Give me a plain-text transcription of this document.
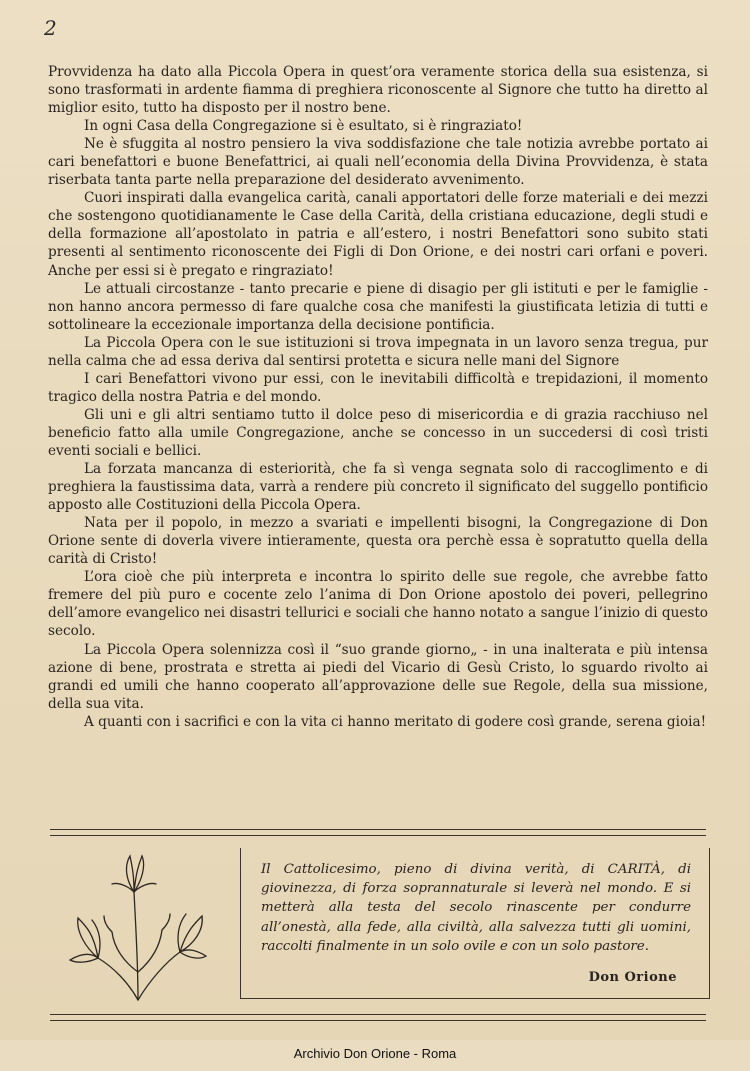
2

Provvidenza ha dato alla Piccola Opera in quest’ora veramente storica della sua esistenza, si sono trasformati in ardente fiamma di preghiera riconoscente al Signore che tutto ha diretto al miglior esito, tutto ha disposto per il nostro bene.

In ogni Casa della Congregazione si è esultato, si è ringraziato!

Ne è sfuggita al nostro pensiero la viva soddisfazione che tale notizia avrebbe portato ai cari benefattori e buone Benefattrici, ai quali nell’economia della Divina Provvidenza, è stata riserbata tanta parte nella preparazione del desiderato avvenimento.

Cuori inspirati dalla evangelica carità, canali apportatori delle forze materiali e dei mezzi che sostengono quotidianamente le Case della Carità, della cristiana educazione, degli studi e della formazione all’apostolato in patria e all’estero, i nostri Benefattori sono subito stati presenti al sentimento riconoscente dei Figli di Don Orione, e dei nostri cari orfani e poveri. Anche per essi si è pregato e ringraziato!

Le attuali circostanze - tanto precarie e piene di disagio per gli istituti e per le famiglie - non hanno ancora permesso di fare qualche cosa che manifesti la giustificata letizia di tutti e sottolineare la eccezionale importanza della decisione pontificia.

La Piccola Opera con le sue istituzioni si trova impegnata in un lavoro senza tregua, pur nella calma che ad essa deriva dal sentirsi protetta e sicura nelle mani del Signore

I cari Benefattori vivono pur essi, con le inevitabili difficoltà e trepidazioni, il momento tragico della nostra Patria e del mondo.

Gli uni e gli altri sentiamo tutto il dolce peso di misericordia e di grazia racchiuso nel beneficio fatto alla umile Congregazione, anche se concesso in un succedersi di così tristi eventi sociali e bellici.

La forzata mancanza di esteriorità, che fa sì venga segnata solo di raccoglimento e di preghiera la faustissima data, varrà a rendere più concreto il significato del suggello pontificio apposto alle Costituzioni della Piccola Opera.

Nata per il popolo, in mezzo a svariati e impellenti bisogni, la Congregazione di Don Orione sente di doverla vivere intieramente, questa ora perchè essa è sopratutto quella della carità di Cristo!

L’ora cioè che più interpreta e incontra lo spirito delle sue regole, che avrebbe fatto fremere del più puro e cocente zelo l’anima di Don Orione apostolo dei poveri, pellegrino dell’amore evangelico nei disastri tellurici e sociali che hanno notato a sangue l’inizio di questo secolo.

La Piccola Opera solennizza così il “suo grande giorno„ - in una inalterata e più intensa azione di bene, prostrata e stretta ai piedi del Vicario di Gesù Cristo, lo sguardo rivolto ai grandi ed umili che hanno cooperato all’approvazione delle sue Regole, della sua missione, della sua vita.

A quanti con i sacrifici e con la vita ci hanno meritato di godere così grande, serena gioia!

Il Cattolicesimo, pieno di divina verità, di CARITÀ, di giovinezza, di forza soprannaturale si leverà nel mondo. E si metterà alla testa del secolo rinascente per condurre all’onestà, alla fede, alla civiltà, alla salvezza tutti gli uomini, raccolti finalmente in un solo ovile e con un solo pastore.
Don Orione
Archivio Don Orione - Roma
